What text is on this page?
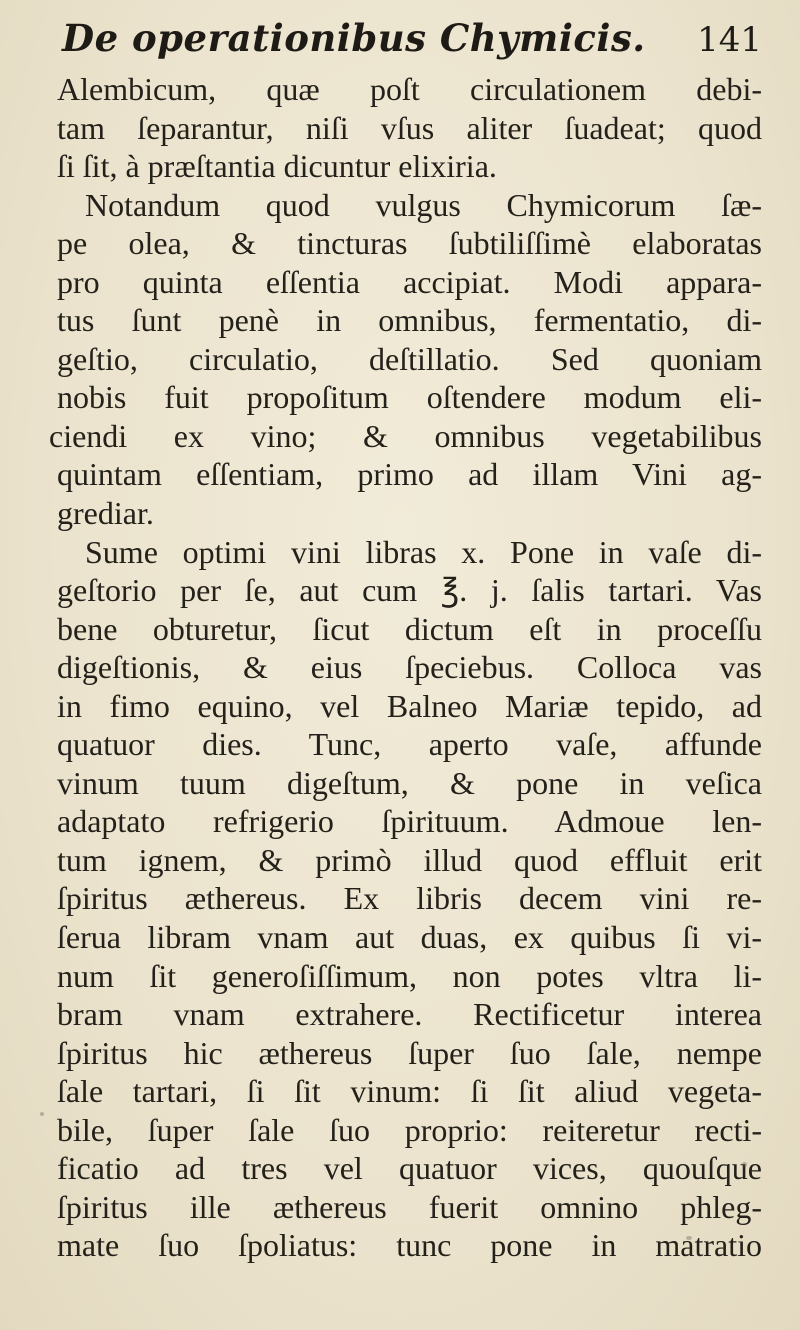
De operationibus Chymicis. 141
Alembicum, quæ poſt circulationem debi-
tam ſeparantur, niſi vſus aliter ſuadeat; quod
ſi ſit, à præſtantia dicuntur elixiria.
Notandum quod vulgus Chymicorum ſæ-
pe olea, & tincturas ſubtiliſſimè elaboratas
pro quinta eſſentia accipiat. Modi appara-
tus ſunt penè in omnibus, fermentatio, di-
geſtio, circulatio, deſtillatio. Sed quoniam
nobis fuit propoſitum oſtendere modum eli-
ciendi ex vino; & omnibus vegetabilibus
quintam eſſentiam, primo ad illam Vini ag-
grediar.
Sume optimi vini libras x. Pone in vaſe di-
geſtorio per ſe, aut cum ℥. j. ſalis tartari. Vas
bene obturetur, ſicut dictum eſt in proceſſu
digeſtionis, & eius ſpeciebus. Colloca vas
in fimo equino, vel Balneo Mariæ tepido, ad
quatuor dies. Tunc, aperto vaſe, affunde
vinum tuum digeſtum, & pone in veſica
adaptato refrigerio ſpirituum. Admoue len-
tum ignem, & primò illud quod effluit erit
ſpiritus æthereus. Ex libris decem vini re-
ſerua libram vnam aut duas, ex quibus ſi vi-
num ſit generoſiſſimum, non potes vltra li-
bram vnam extrahere. Rectificetur interea
ſpiritus hic æthereus ſuper ſuo ſale, nempe
ſale tartari, ſi ſit vinum: ſi ſit aliud vegeta-
bile, ſuper ſale ſuo proprio: reiteretur recti-
ficatio ad tres vel quatuor vices, quouſque
ſpiritus ille æthereus fuerit omnino phleg-
mate ſuo ſpoliatus: tunc pone in matratio
